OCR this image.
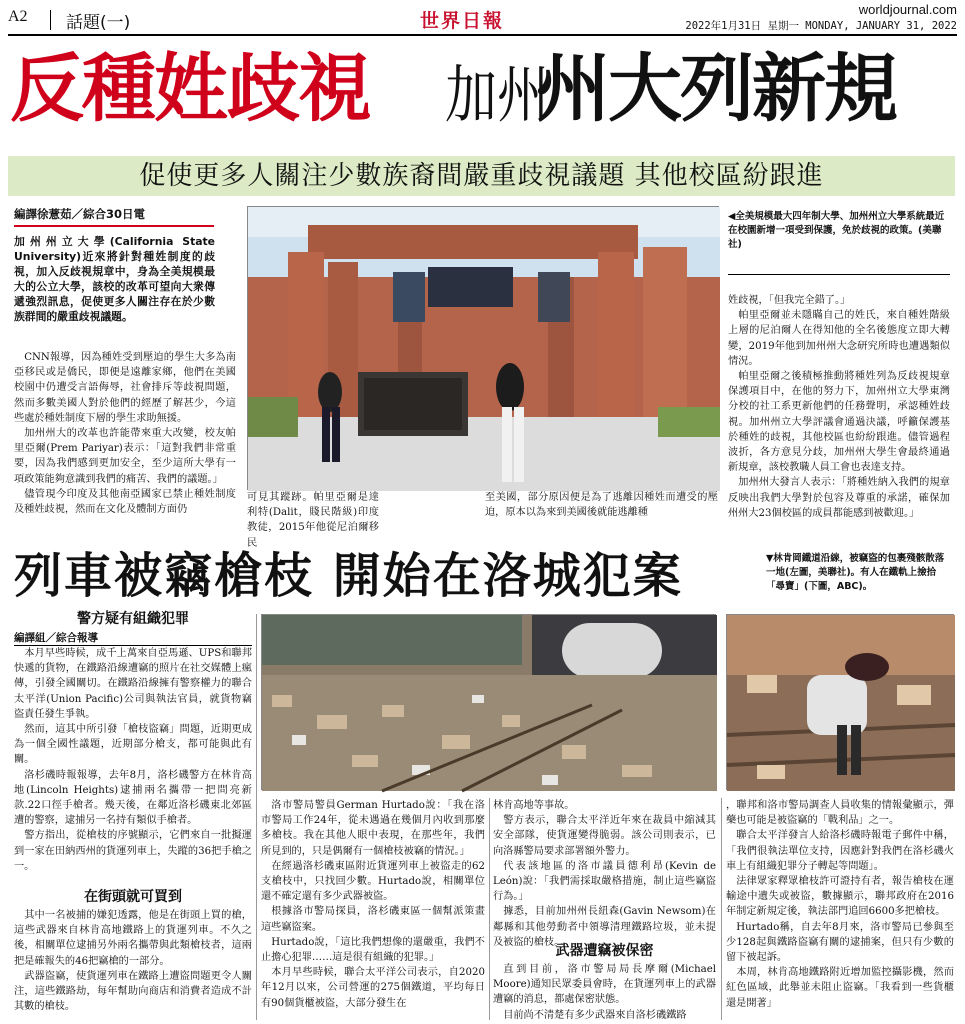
A2 話題(一)	世界日報
worldjournal.com
2022年1月31日 星期一 MONDAY, JANUARY 31, 2022
反種姓歧視 加州
州大列新規
促使更多人關注少數族裔間嚴重歧視議題 其他校區紛跟進
編譯徐薏茹／綜合30日電
加州州立大學(California State University)近來將針對種姓制度的歧視，加入反歧視規章中，身為全美規模最大的公立大學，該校的改革可望向大衆傳遞強烈訊息，促使更多人關注存在於少數族群間的嚴重歧視議題。

CNN報導，因為種姓受到壓迫的學生大多為南亞移民或是僑民，即便是遠離家鄉，他們在美國校園中仍遭受言語侮辱，社會排斥等歧視問題，然而多數美國人對於他們的經歷了解甚少，今這些處於種姓制度下層的學生求助無援。

加州州大的改革也許能帶來重大改變，校友帕里亞爾(Prem Pariyar)表示：「這對我們非常重要，因為我們感到更加安全，至少這所大學有一項政策能夠意識到我們的痛苦、我們的議題。」

儘管現今印度及其他南亞國家已禁止種姓制度及種姓歧視，然而在文化及體制方面仍

可見其蹤跡。帕里亞爾是達利特(Dalit，賤民階級)印度教徒，2015年他從尼泊爾移民
至美國，部分原因便是為了逃離因種姓而遭受的壓迫，原本以為來到美國後就能逃離種
◀全美規模最大四年制大學、加州州立大學系統最近在校園新增一項受到保護，免於歧視的政策。(美聯社)

姓歧視，「但我完全錯了。」

帕里亞爾並未隱瞞自己的姓氏，來自種姓階級上層的尼泊爾人在得知他的全名後態度立即大轉變，2019年他到加州州大念研究所時也遭遇類似情況。

帕里亞爾之後積極推動將種姓列為反歧視規章保護項目中，在他的努力下，加州州立大學東灣分校的社工系更新他們的任務聲明，承認種姓歧視。加州州立大學評議會通過決議，呼籲保護基於種姓的歧視，其他校區也紛紛跟進。儘管過程波折，各方意見分歧，加州州大學生會最終通過新規章，該校教職人員工會也表達支持。

加州州大發言人表示：「將種姓納入我們的規章反映出我們大學對於包容及尊重的承諾，確保加州州大23個校區的成員都能感到被歡迎。」

列車被竊槍枝 開始在洛城犯案	▼林肯岡鐵道沿線，被竊盜的包裹殘骸散落一地(左圖，美聯社)。有人在鐵軌上撿拾「尋寶」(下圖，ABC)。
警方疑有組織犯罪
編譯組／綜合報導

本月早些時候，成千上萬來自亞馬遜、UPS和聯邦快遞的貨物，在鐵路沿線遭竊的照片在社交媒體上瘋傳，引發全國關切。在鐵路沿線擁有警察權力的聯合太平洋(Union Pacific)公司與執法官員，就貨物竊盜責任發生爭執。

然而，這其中所引發「槍枝盜竊」問題，近期更成為一個全國性議題，近期部分槍支，都可能與此有關。

洛杉磯時報報導，去年8月，洛杉磯警方在林肯高地(Lincoln Heights)逮捕兩名攜帶一把問亮新款.22口徑手槍者。幾天後，在鄰近洛杉磯東北郊區遭的警察，逮捕另一名持有類似手槍者。

警方指出，從槍枝的序號顯示，它們來自一批擬運到一家在田納西州的貨運列車上，失蹤的36把手槍之一。

在街頭就可買到

其中一名被捕的嫌犯透露，他是在街頭上買的槍，這些武器來自林肯高地鐵路上的貨運列車。不久之後，相關單位逮捕另外兩名攜帶與此類槍枝者，這兩把是確報失的46把竊槍的一部分。

武器盜竊，使貨運列車在鐵路上遭盜問題更令人關注，這些鐵路劫，每年幫助向商店和消費者造成不計其數的槍枝。

洛市警局警員German Hurtado說：「我在洛市警局工作24年，從未遇過在幾個月內收到那麼多槍枝。我在其他人眼中表現，在那些年，我們所見到的，只是偶爾有一個槍枝被竊的情況。」

在經過洛杉磯東區附近貨運列車上被盜走的62支槍枝中，只找回少數。Hurtado說，相關單位還不確定還有多少武器被盜。

根據洛市警局探員，洛杉磯東區一個幫派策畫這些竊盜案。

Hurtado說，「這比我們想像的還嚴重，我們不止擔心犯罪……這是很有組織的犯罪。」

本月早些時候，聯合太平洋公司表示，自2020年12月以來，公司營運的275個鐵道，平均每日有90個貨櫃被盜，大部分發生在

林肯高地等事故。

警方表示，聯合太平洋近年來在裁員中縮減其安全部隊，使貨運變得脆弱。該公司則表示，已向洛縣警局要求部署額外警力。

代表該地區的洛市議員德利昂(Kevin de León)說：「我們需採取嚴格措施，制止這些竊盜行為。」

據悉，目前加州州長紐森(Gavin Newsom)在鄰縣和其他勞動者中領導清理鐵路垃圾，並未提及被盜的槍枝。

武器遭竊被保密

直到目前，洛市警局局長摩爾(Michael Moore)通知民眾委員會時，在貨運列車上的武器遭竊的消息，都處保密狀態。

目前尚不清楚有多少武器來自洛杉磯鐵路

，聯邦和洛市警局調查人員收集的情報彙顯示，彈藥也可能是被盜竊的「戰利品」之一。

聯合太平洋發言人給洛杉磯時報電子郵件中稱，「我們很執法單位支持，因應針對我們在洛杉磯火車上有組織犯罪分子轉起等問題」。

法律眾家釋眾槍枝許可證持有者，報告槍枝在運輸途中遺失或被盜，數據顯示，聯邦政府在2016年制定新規定後，執法部門追回6600多把槍枝。

Hurtado稱，自去年8月來，洛市警局已參與至少128起與鐵路盜竊有關的逮捕案，但只有少數的留下被起訴。

本周，林肯高地鐵路附近增加監控攝影機，然而紅色區域，此舉並未阻止盜竊。「我看到一些貨櫃還是開著」
